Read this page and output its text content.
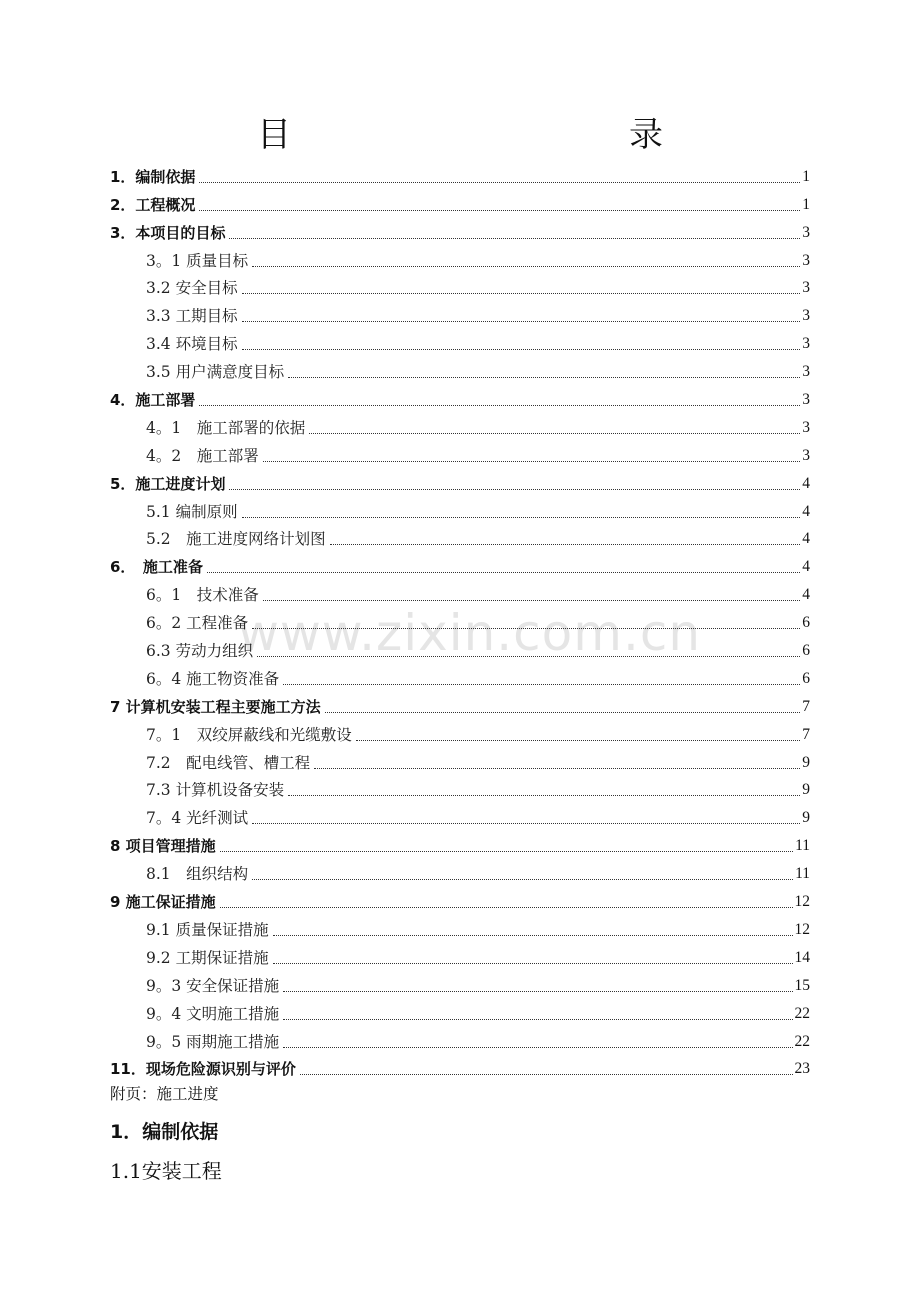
www.zixin.com.cn
目　　录
1．编制依据	1
2．工程概况	1
3．本项目的目标	3
3。1 质量目标	3
3.2 安全目标	3
3.3 工期目标	3
3.4 环境目标	3
3.5 用户满意度目标	3
4．施工部署	3
4。1　施工部署的依据	3
4。2　施工部署	3
5．施工进度计划	4
5.1 编制原则	4
5.2　施工进度网络计划图	4
6．　施工准备	4
6。1　技术准备	4
6。2 工程准备	6
6.3 劳动力组织	6
6。4 施工物资准备	6
7 计算机安装工程主要施工方法	7
7。1　双绞屏蔽线和光缆敷设	7
7.2　配电线管、槽工程	9
7.3 计算机设备安装	9
7。4 光纤测试	9
8 项目管理措施	11
8.1　组织结构	11
9 施工保证措施	12
9.1 质量保证措施	12
9.2 工期保证措施	14
9。3 安全保证措施	15
9。4 文明施工措施	22
9。5 雨期施工措施	22
11．现场危险源识别与评价	23
附页：施工进度
1．编制依据
1.1安装工程
